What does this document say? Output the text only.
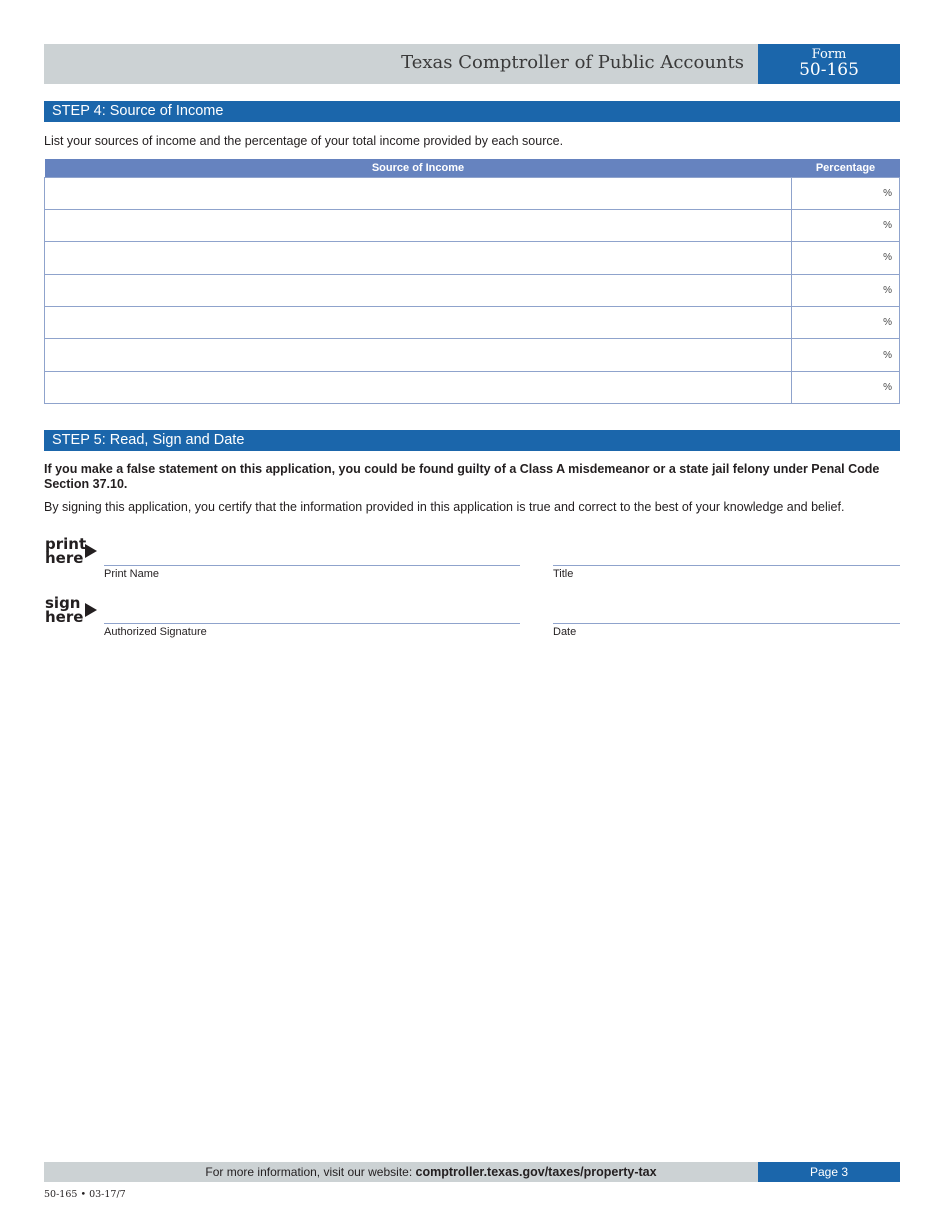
Texas Comptroller of Public Accounts	Form
50-165
STEP 4: Source of Income
List your sources of income and the percentage of your total income provided by each source.
Source of Income	Percentage
	%
	%
	%
	%
	%
	%
	%
STEP 5: Read, Sign and Date
If you make a false statement on this application, you could be found guilty of a Class A misdemeanor or a state jail felony under Penal Code Section 37.10.
By signing this application, you certify that the information provided in this application is true and correct to the best of your knowledge and belief.
print
here
sign
here
Print Name	Title
Authorized Signature	Date
For more information, visit our website: comptroller.texas.gov/taxes/property-tax	Page 3
50-165 • 03-17/7
